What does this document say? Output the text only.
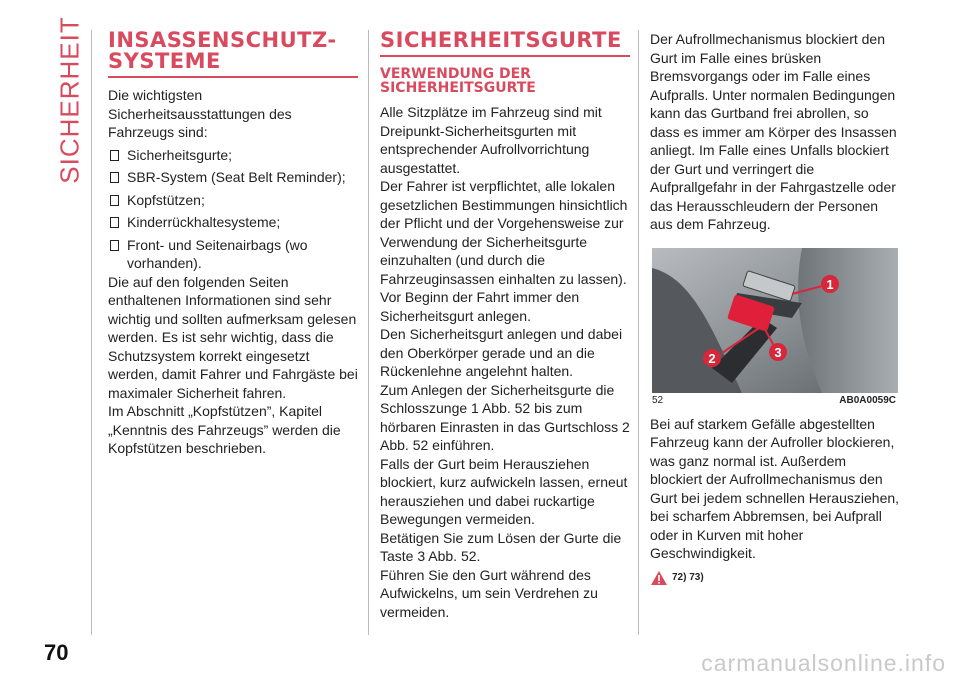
SICHERHEIT
70	carmanualsonline.info
INSASSENSCHUTZ-SYSTEME

Die wichtigsten Sicherheitsausstattungen des Fahrzeugs sind:

Sicherheitsgurte;
SBR-System (Seat Belt Reminder);
Kopfstützen;
Kinderrückhaltesysteme;
Front- und Seitenairbags (wo vorhanden).

Die auf den folgenden Seiten enthaltenen Informationen sind sehr wichtig und sollten aufmerksam gelesen werden. Es ist sehr wichtig, dass die Schutzsystem korrekt eingesetzt werden, damit Fahrer und Fahrgäste bei maximaler Sicherheit fahren.

Im Abschnitt „Kopfstützen”, Kapitel „Kenntnis des Fahrzeugs” werden die Kopfstützen beschrieben.

SICHERHEITSGURTE
VERWENDUNG DER SICHERHEITSGURTE

Alle Sitzplätze im Fahrzeug sind mit Dreipunkt-Sicherheitsgurten mit entsprechender Aufrollvorrichtung ausgestattet.

Der Fahrer ist verpflichtet, alle lokalen gesetzlichen Bestimmungen hinsichtlich der Pflicht und der Vorgehensweise zur Verwendung der Sicherheitsgurte einzuhalten (und durch die Fahrzeuginsassen einhalten zu lassen).

Vor Beginn der Fahrt immer den Sicherheitsgurt anlegen.

Den Sicherheitsgurt anlegen und dabei den Oberkörper gerade und an die Rückenlehne angelehnt halten.

Zum Anlegen der Sicherheitsgurte die Schlosszunge 1 Abb. 52 bis zum hörbaren Einrasten in das Gurtschloss 2 Abb. 52 einführen.

Falls der Gurt beim Herausziehen blockiert, kurz aufwickeln lassen, erneut herausziehen und dabei ruckartige Bewegungen vermeiden.

Betätigen Sie zum Lösen der Gurte die Taste 3 Abb. 52.

Führen Sie den Gurt während des Aufwickelns, um sein Verdrehen zu vermeiden.

Der Aufrollmechanismus blockiert den Gurt im Falle eines brüsken Bremsvorgangs oder im Falle eines Aufpralls. Unter normalen Bedingungen kann das Gurtband frei abrollen, so dass es immer am Körper des Insassen anliegt. Im Falle eines Unfalls blockiert der Gurt und verringert die Aufprallgefahr in der Fahrgastzelle oder das Herausschleudern der Personen aus dem Fahrzeug.

1
2	3
52	AB0A0059C

Bei auf starkem Gefälle abgestellten Fahrzeug kann der Aufroller blockieren, was ganz normal ist. Außerdem blockiert der Aufrollmechanismus den Gurt bei jedem schnellen Herausziehen, bei scharfem Abbremsen, bei Aufprall oder in Kurven mit hoher Geschwindigkeit.

72) 73)
